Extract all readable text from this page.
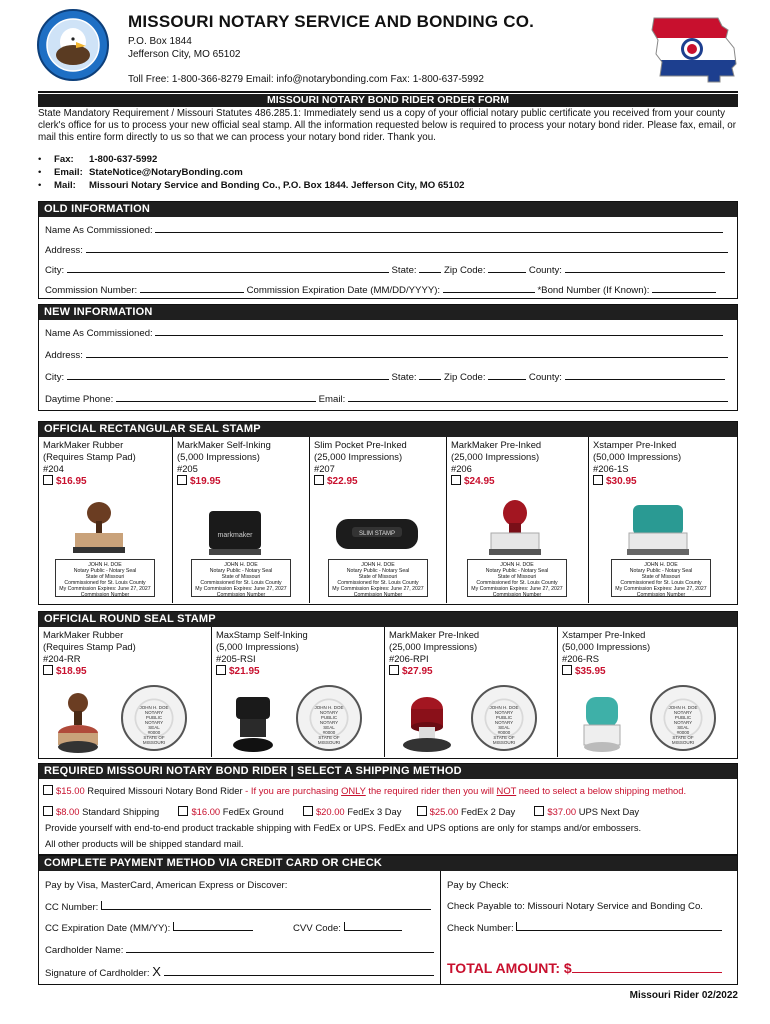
MISSOURI NOTARY SERVICE AND BONDING CO.
P.O. Box 1844
Jefferson City, MO 65102
Toll Free: 1-800-366-8279 Email: info@notarybonding.com Fax: 1-800-637-5992
MISSOURI NOTARY BOND RIDER ORDER FORM
State Mandatory Requirement / Missouri Statutes 486.285.1: Immediately send us a copy of your official notary public certificate you received from your county clerk's office for us to process your new official seal stamp. All the information requested below is required to process your notary bond rider. Please fax, email, or mail this entire form directly to us so that we can process your notary bond rider. Thank you.
•	Fax:	1-800-637-5992
•	Email: StateNotice@NotaryBonding.com
•	Mail:	Missouri Notary Service and Bonding Co., P.O. Box 1844. Jefferson City, MO 65102
OLD INFORMATION
Name As Commissioned:
Address:
City:	State:	Zip Code:	County:
Commission Number:	Commission Expiration Date (MM/DD/YYYY):	*Bond Number (If Known):
NEW INFORMATION
Name As Commissioned:
Address:
City:	State:	Zip Code:	County:
Daytime Phone:	Email:
OFFICIAL RECTANGULAR SEAL STAMP
MarkMaker Rubber
(Requires Stamp Pad)
#204
$16.95
JOHN H. DOE
Notary Public - Notary Seal
State of Missouri
Commissioned for St. Louis County
My Commission Expires: June 27, 2027
Commission Number
MarkMaker Self-Inking
(5,000 Impressions)
#205
$19.95
markmaker
JOHN H. DOE
Notary Public - Notary Seal
State of Missouri
Commissioned for St. Louis County
My Commission Expires: June 27, 2027
Commission Number
Slim Pocket Pre-Inked
(25,000 Impressions)
#207
$22.95
SLIM STAMP
JOHN H. DOE
Notary Public - Notary Seal
State of Missouri
Commissioned for St. Louis County
My Commission Expires: June 27, 2027
Commission Number
MarkMaker Pre-Inked
(25,000 Impressions)
#206
$24.95
JOHN H. DOE
Notary Public - Notary Seal
State of Missouri
Commissioned for St. Louis County
My Commission Expires: June 27, 2027
Commission Number
Xstamper Pre-Inked
(50,000 Impressions)
#206-1S
$30.95
JOHN H. DOE
Notary Public - Notary Seal
State of Missouri
Commissioned for St. Louis County
My Commission Expires: June 27, 2027
Commission Number
OFFICIAL ROUND SEAL STAMP
MarkMaker Rubber
(Requires Stamp Pad)
#204-RR
$18.95
JOHN H. DOE
NOTARY
PUBLIC
NOTARY
SEAL
#0000
STATE OF MISSOURI
MaxStamp Self-Inking
(5,000 Impressions)
#205-RSI
$21.95
JOHN H. DOE
NOTARY
PUBLIC
NOTARY
SEAL
#0000
STATE OF MISSOURI
MarkMaker Pre-Inked
(25,000 Impressions)
#206-RPI
$27.95
JOHN H. DOE
NOTARY
PUBLIC
NOTARY
SEAL
#0000
STATE OF MISSOURI
Xstamper Pre-Inked
(50,000 Impressions)
#206-RS
$35.95
JOHN H. DOE
NOTARY
PUBLIC
NOTARY
SEAL
#0000
STATE OF MISSOURI
REQUIRED MISSOURI NOTARY BOND RIDER | SELECT A SHIPPING METHOD
$15.00 Required Missouri Notary Bond Rider - If you are purchasing ONLY the required rider then you will NOT need to select a below shipping method.
$8.00 Standard Shipping	$16.00 FedEx Ground	$20.00 FedEx 3 Day	$25.00 FedEx 2 Day	$37.00 UPS Next Day
Provide yourself with end-to-end product trackable shipping with FedEx or UPS. FedEx and UPS options are only for stamps and/or embossers.
All other products will be shipped standard mail.
COMPLETE PAYMENT METHOD VIA CREDIT CARD OR CHECK
Pay by Visa, MasterCard, American Express or Discover:	Pay by Check:
CC Number:	Check Payable to: Missouri Notary Service and Bonding Co.
CC Expiration Date (MM/YY):	CVV Code:	Check Number:
Cardholder Name:
Signature of Cardholder: X	TOTAL AMOUNT: $
Missouri Rider 02/2022
